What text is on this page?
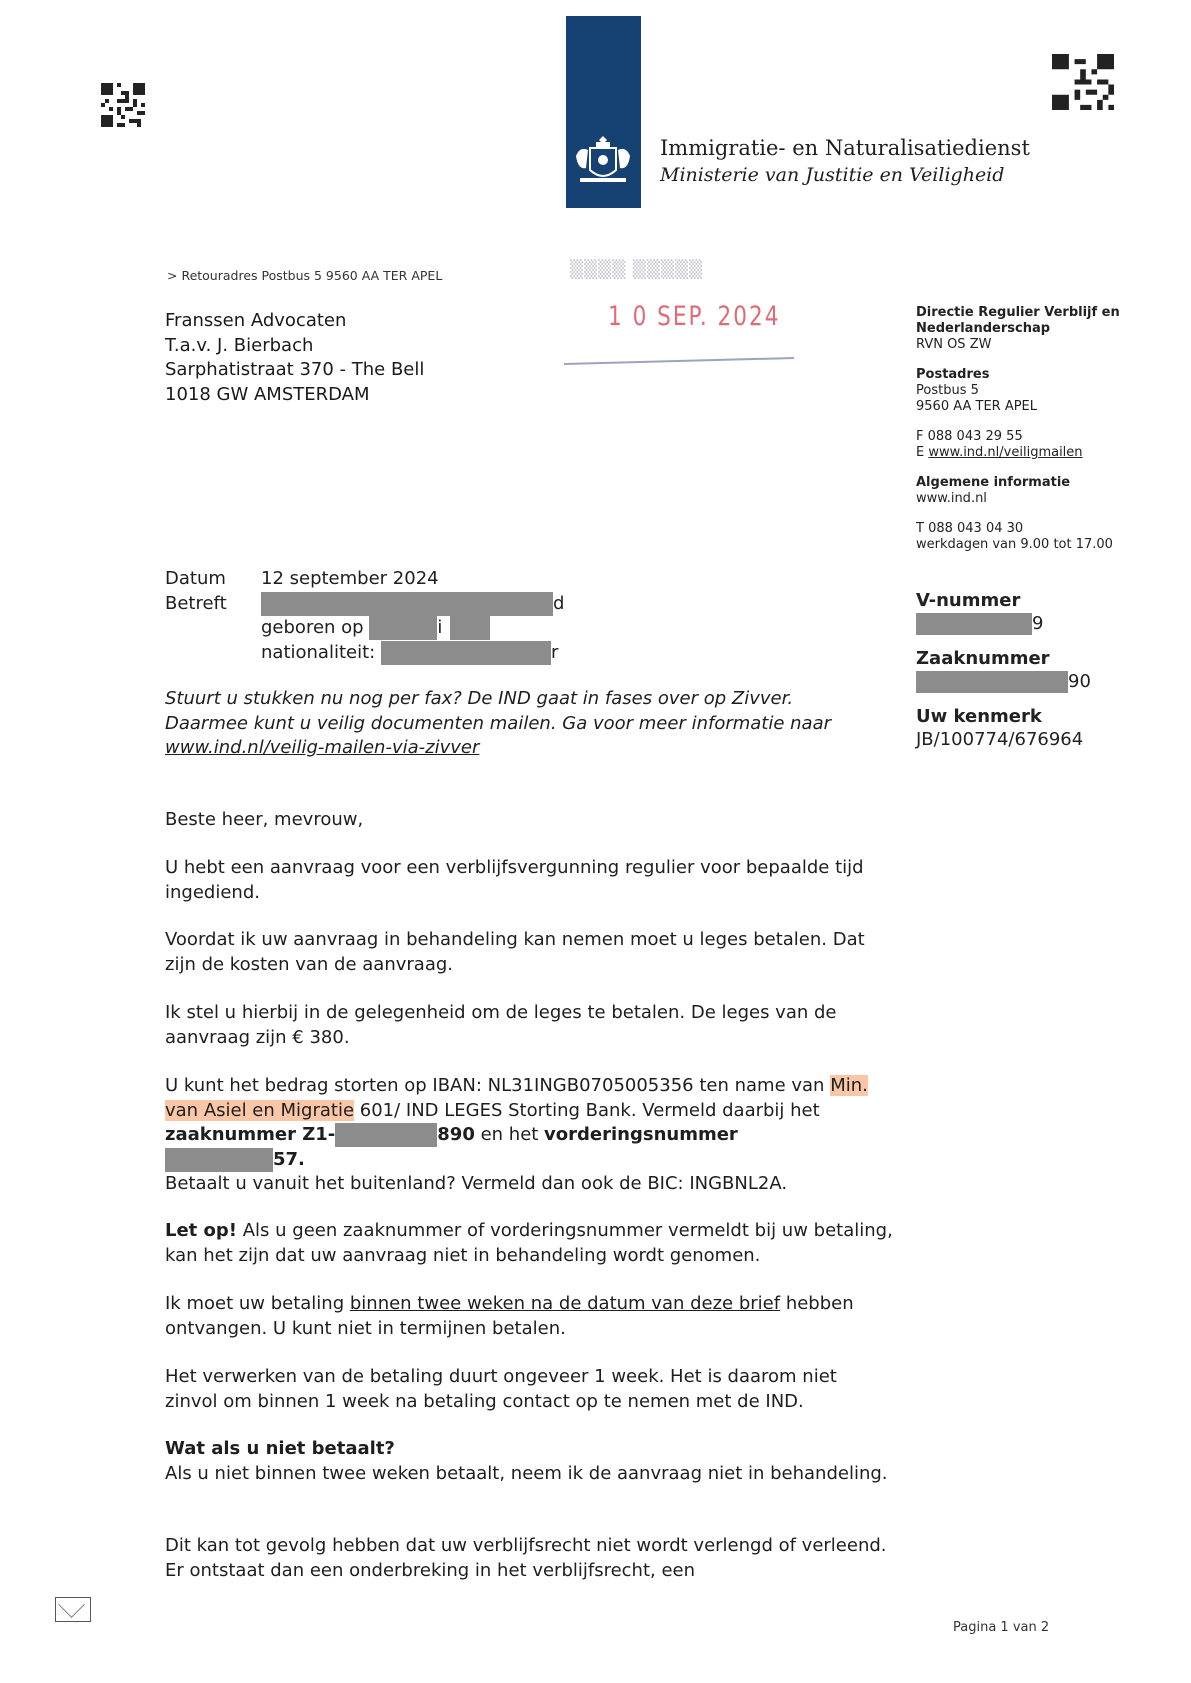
Immigratie- en Naturalisatiedienst
Ministerie van Justitie en Veiligheid
> Retouradres Postbus 5 9560 AA TER APEL
Franssen Advocaten
T.a.v. J. Bierbach
Sarphatistraat 370 - The Bell
1018 GW AMSTERDAM
▒▒▒▒ ▒▒▒▒▒
1 0 SEP. 2024	Directie Regulier Verblijf en
Nederlanderschap
RVN OS ZW
Postadres
Postbus 5
9560 AA TER APEL
F 088 043 29 55
E www.ind.nl/veiligmailen
Algemene informatie
www.ind.nl
T 088 043 04 30
werkdagen van 9.00 tot 17.00
V-nummer
9
Zaaknummer
90
Uw kenmerk
JB/100774/676964
Datum 12 september 2024
Betreft	d
geboren op	i
nationaliteit:	r
Stuurt u stukken nu nog per fax? De IND gaat in fases over op Zivver.
Daarmee kunt u veilig documenten mailen. Ga voor meer informatie naar
www.ind.nl/veilig-mailen-via-zivver
Beste heer, mevrouw,
U hebt een aanvraag voor een verblijfsvergunning regulier voor bepaalde tijd ingediend.
Voordat ik uw aanvraag in behandeling kan nemen moet u leges betalen. Dat zijn de kosten van de aanvraag.
Ik stel u hierbij in de gelegenheid om de leges te betalen. De leges van de aanvraag zijn € 380.
U kunt het bedrag storten op IBAN: NL31INGB0705005356 ten name van Min.
van Asiel en Migratie 601/ IND LEGES Storting Bank. Vermeld daarbij het
zaaknummer Z1-	890 en het vorderingsnummer
57.
Betaalt u vanuit het buitenland? Vermeld dan ook de BIC: INGBNL2A.
Let op! Als u geen zaaknummer of vorderingsnummer vermeldt bij uw betaling, kan het zijn dat uw aanvraag niet in behandeling wordt genomen.
Ik moet uw betaling binnen twee weken na de datum van deze brief hebben ontvangen. U kunt niet in termijnen betalen.
Het verwerken van de betaling duurt ongeveer 1 week. Het is daarom niet zinvol om binnen 1 week na betaling contact op te nemen met de IND.
Wat als u niet betaalt?
Als u niet binnen twee weken betaalt, neem ik de aanvraag niet in behandeling.
Dit kan tot gevolg hebben dat uw verblijfsrecht niet wordt verlengd of verleend. Er ontstaat dan een onderbreking in het verblijfsrecht, een
Pagina 1 van 2
